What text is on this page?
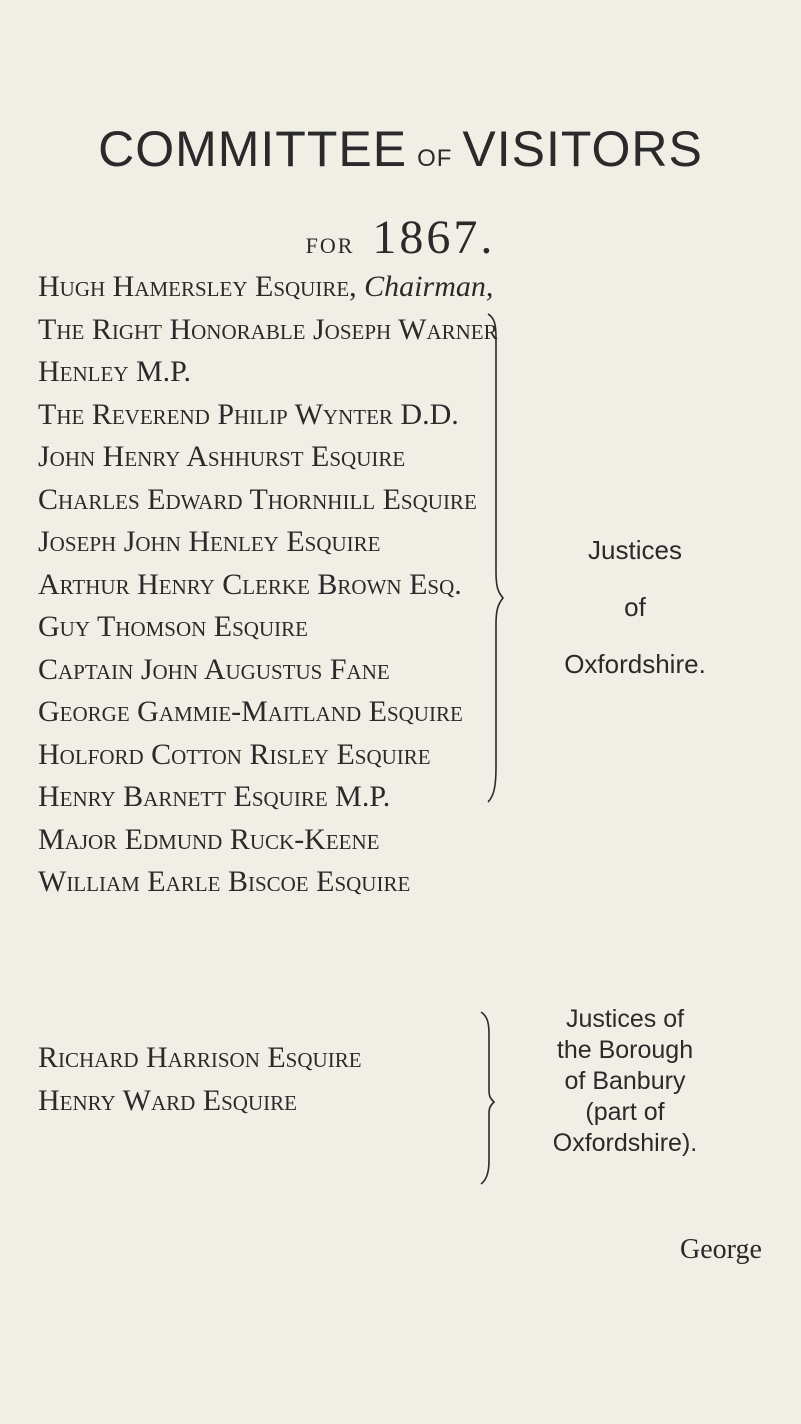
COMMITTEE OF VISITORS
FOR 1867.
Hugh Hamersley Esquire, Chairman,
The Right Honorable Joseph Warner
Henley M.P.
The Reverend Philip Wynter D.D.
John Henry Ashhurst Esquire
Charles Edward Thornhill Esquire
Joseph John Henley Esquire
Arthur Henry Clerke Brown Esq.
Guy Thomson Esquire
Captain John Augustus Fane
George Gammie-Maitland Esquire
Holford Cotton Risley Esquire
Henry Barnett Esquire M.P.
Major Edmund Ruck-Keene
William Earle Biscoe Esquire
Justices
of
Oxfordshire.
Richard Harrison Esquire
Henry Ward Esquire
Justices of
the Borough
of Banbury
(part of
Oxfordshire).
George
